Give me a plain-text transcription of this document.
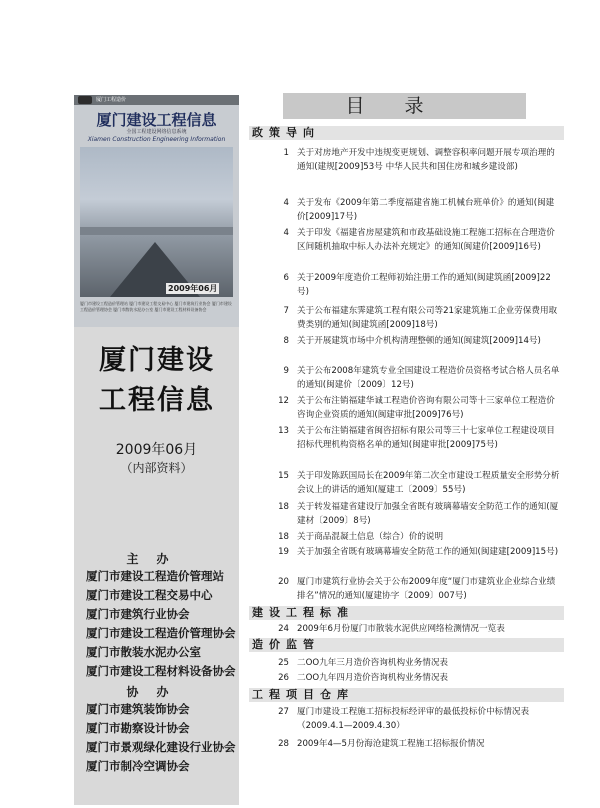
厦门工程造价
厦门建设工程信息
全国工程建设网络信息系统
Xiamen Construction Engineering Information
2009年06月
厦门市建设工程造价管理站 厦门市建设工程交易中心 厦门市建筑行业协会 厦门市建设工程造价管理协会 厦门市散装水泥办公室 厦门市建设工程材料设备协会
厦门建设
工程信息
2009年06月
（内部资料）
主办
厦门市建设工程造价管理站
厦门市建设工程交易中心
厦门市建筑行业协会
厦门市建设工程造价管理协会
厦门市散装水泥办公室
厦门市建设工程材料设备协会
协办
厦门市建筑装饰协会
厦门市勘察设计协会
厦门市景观绿化建设行业协会
厦门市制冷空调协会
目录
政策导向
1 关于对房地产开发中违规变更规划、调整容积率问题开展专项治理的通知(建规[2009]53号 中华人民共和国住房和城乡建设部)
4 关于发布《2009年第二季度福建省施工机械台班单价》的通知(闽建价[2009]17号)
4 关于印发《福建省房屋建筑和市政基础设施工程施工招标在合理造价区间随机抽取中标人办法补充规定》的通知(闽建价[2009]16号)
6 关于2009年度造价工程师初始注册工作的通知(闽建筑函[2009]22号)
7 关于公布福建东霁建筑工程有限公司等21家建筑施工企业劳保费用取费类别的通知(闽建筑函[2009]18号)
8 关于开展建筑市场中介机构清理整顿的通知(闽建筑[2009]14号)
9 关于公布2008年建筑专业全国建设工程造价员资格考试合格人员名单的通知(闽建价〔2009〕12号)
12 关于公布注销福建华诚工程造价咨询有限公司等十三家单位工程造价咨询企业资质的通知(闽建审批[2009]76号)
13 关于公布注销福建省闽咨招标有限公司等三十七家单位工程建设项目招标代理机构资格名单的通知(闽建审批[2009]75号)
15 关于印发陈跃国局长在2009年第二次全市建设工程质量安全形势分析会议上的讲话的通知(厦建工〔2009〕55号)
18 关于转发福建省建设厅加强全省既有玻璃幕墙安全防范工作的通知(厦建材〔2009〕8号)
18 关于商品混凝土信息（综合）价的说明
19 关于加强全省既有玻璃幕墙安全防范工作的通知(闽建建[2009]15号)
20 厦门市建筑行业协会关于公布2009年度“厦门市建筑业企业综合业绩排名”情况的通知(厦建协字〔2009〕007号)
建设工程标准
24 2009年6月份厦门市散装水泥供应网络检测情况一览表
造价监管
25 二OO九年三月造价咨询机构业务情况表
26 二OO九年四月造价咨询机构业务情况表
工程项目仓库
27 厦门市建设工程施工招标投标经评审的最低投标价中标情况表（2009.4.1—2009.4.30）
28 2009年4—5月份海沧建筑工程施工招标报价情况
